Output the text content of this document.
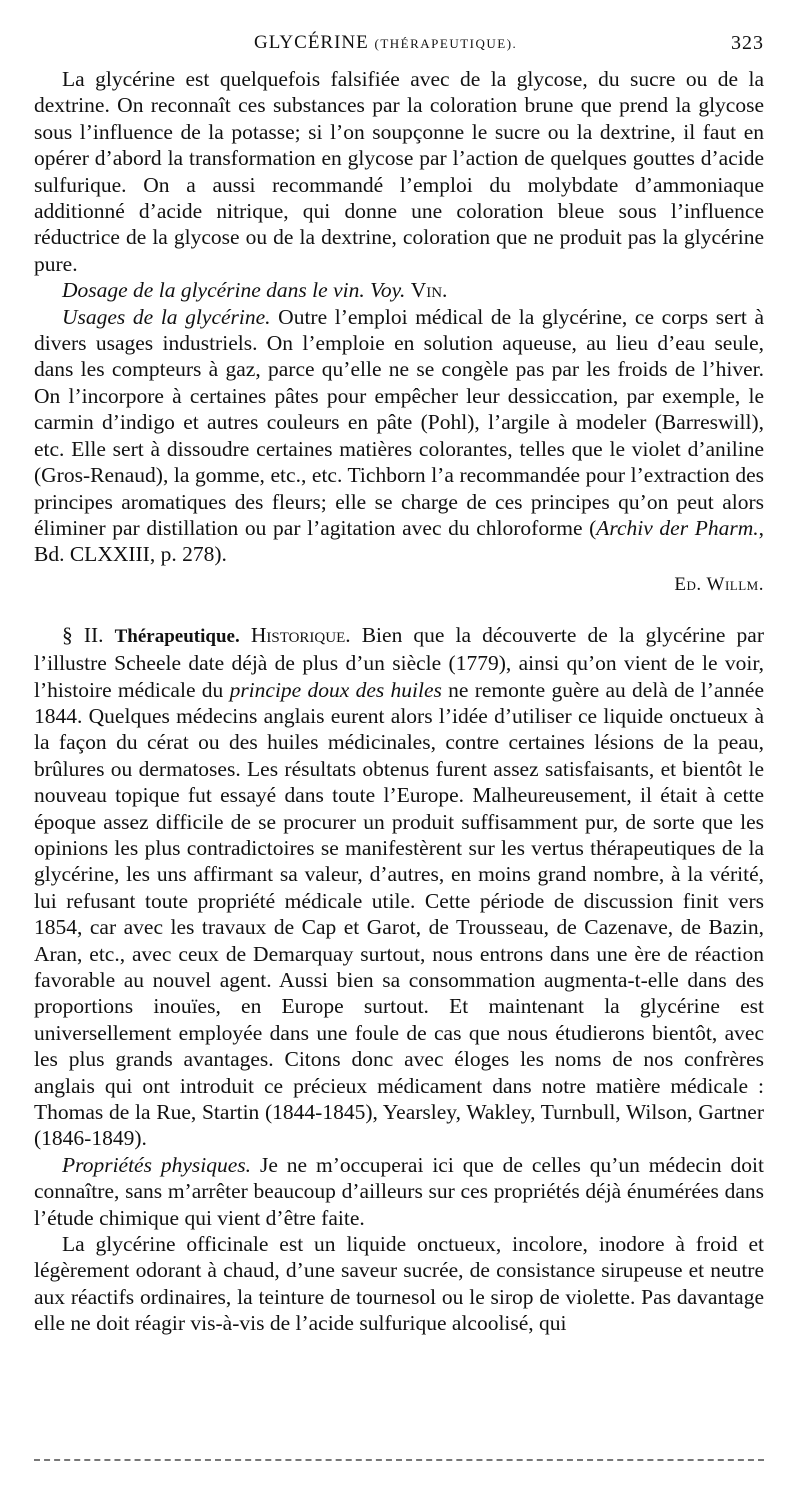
GLYCÉRINE (THÉRAPEUTIQUE).	323

La glycérine est quelquefois falsifiée avec de la glycose, du sucre ou de la dextrine. On reconnaît ces substances par la coloration brune que prend la glycose sous l’influence de la potasse; si l’on soupçonne le sucre ou la dextrine, il faut en opérer d’abord la transformation en glycose par l’action de quelques gouttes d’acide sulfurique. On a aussi recommandé l’emploi du molybdate d’ammoniaque additionné d’acide nitrique, qui donne une coloration bleue sous l’influence réductrice de la glycose ou de la dextrine, coloration que ne produit pas la glycérine pure.

Dosage de la glycérine dans le vin. Voy. Vin.

Usages de la glycérine. Outre l’emploi médical de la glycérine, ce corps sert à divers usages industriels. On l’emploie en solution aqueuse, au lieu d’eau seule, dans les compteurs à gaz, parce qu’elle ne se congèle pas par les froids de l’hiver. On l’incorpore à certaines pâtes pour empêcher leur dessiccation, par exemple, le carmin d’indigo et autres couleurs en pâte (Pohl), l’argile à modeler (Barreswill), etc. Elle sert à dissoudre certaines matières colorantes, telles que le violet d’aniline (Gros-Renaud), la gomme, etc., etc. Tichborn l’a recommandée pour l’extraction des principes aromatiques des fleurs; elle se charge de ces principes qu’on peut alors éliminer par distillation ou par l’agitation avec du chloroforme (Archiv der Pharm., Bd. CLXXIII, p. 278).

Ed. Willm.

§ II. Thérapeutique. Historique. Bien que la découverte de la glycérine par l’illustre Scheele date déjà de plus d’un siècle (1779), ainsi qu’on vient de le voir, l’histoire médicale du principe doux des huiles ne remonte guère au delà de l’année 1844. Quelques médecins anglais eurent alors l’idée d’utiliser ce liquide onctueux à la façon du cérat ou des huiles médicinales, contre certaines lésions de la peau, brûlures ou dermatoses. Les résultats obtenus furent assez satisfaisants, et bientôt le nouveau topique fut essayé dans toute l’Europe. Malheureusement, il était à cette époque assez difficile de se procurer un produit suffisamment pur, de sorte que les opinions les plus contradictoires se manifestèrent sur les vertus thérapeutiques de la glycérine, les uns affirmant sa valeur, d’autres, en moins grand nombre, à la vérité, lui refusant toute propriété médicale utile. Cette période de discussion finit vers 1854, car avec les travaux de Cap et Garot, de Trousseau, de Cazenave, de Bazin, Aran, etc., avec ceux de Demarquay surtout, nous entrons dans une ère de réaction favorable au nouvel agent. Aussi bien sa consommation augmenta-t-elle dans des proportions inouïes, en Europe surtout. Et maintenant la glycérine est universellement employée dans une foule de cas que nous étudierons bientôt, avec les plus grands avantages. Citons donc avec éloges les noms de nos confrères anglais qui ont introduit ce précieux médicament dans notre matière médicale : Thomas de la Rue, Startin (1844-1845), Yearsley, Wakley, Turnbull, Wilson, Gartner (1846-1849).

Propriétés physiques. Je ne m’occuperai ici que de celles qu’un médecin doit connaître, sans m’arrêter beaucoup d’ailleurs sur ces propriétés déjà énumérées dans l’étude chimique qui vient d’être faite.

La glycérine officinale est un liquide onctueux, incolore, inodore à froid et légèrement odorant à chaud, d’une saveur sucrée, de consistance sirupeuse et neutre aux réactifs ordinaires, la teinture de tournesol ou le sirop de violette. Pas davantage elle ne doit réagir vis-à-vis de l’acide sulfurique alcoolisé, qui
